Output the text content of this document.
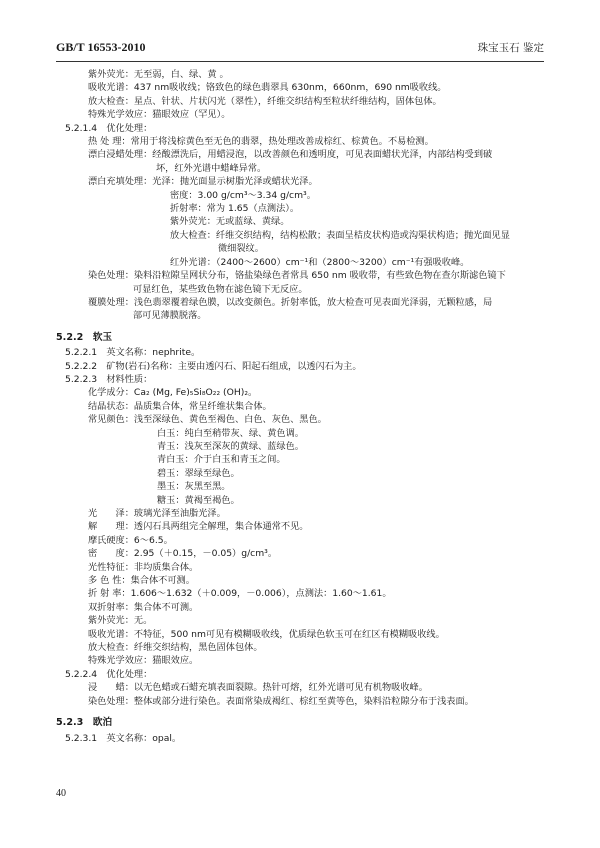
GB/T 16553-2010	珠宝玉石 鉴定
紫外荧光：无至弱，白、绿、黄 。
吸收光谱：437 nm吸收线；铬致色的绿色翡翠具 630nm，660nm，690 nm吸收线。
放大检查：星点、针状、片状闪光（翠性），纤维交织结构至粒状纤维结构，固体包体。
特殊光学效应：猫眼效应（罕见）。
5.2.1.4　优化处理：
热 处 理：常用于将浅棕黄色至无色的翡翠，热处理改善成棕红、棕黄色。不易检测。
漂白浸蜡处理：经酸漂洗后，用蜡浸泡，以改善颜色和透明度，可见表面蜡状光泽，内部结构受到破
坏，红外光谱中蜡峰异常。
漂白充填处理：光泽：抛光面显示树脂光泽或蜡状光泽。
密度：3.00 g/cm³～3.34 g/cm³。
折射率：常为 1.65（点测法）。
紫外荧光：无或蓝绿、黄绿。
放大检查：纤维交织结构，结构松散；表面呈桔皮状构造或沟渠状构造；抛光面见显
微细裂纹。
红外光谱：（2400～2600）cm⁻¹和（2800～3200）cm⁻¹有强吸收峰。
染色处理：染料沿粒隙呈网状分布，铬盐染绿色者常具 650 nm 吸收带，有些致色物在查尔斯滤色镜下
可显红色，某些致色物在滤色镜下无反应。
覆膜处理：浅色翡翠覆着绿色膜，以改变颜色。折射率低，放大检查可见表面光泽弱，无颗粒感，局
部可见薄膜脱落。
5.2.2　软玉
5.2.2.1　英文名称：nephrite。
5.2.2.2　矿物(岩石)名称：主要由透闪石、阳起石组成，以透闪石为主。
5.2.2.3　材料性质：
化学成分：Ca₂ (Mg, Fe)₅Si₈O₂₂ (OH)₂。
结晶状态：晶质集合体，常呈纤维状集合体。
常见颜色：浅至深绿色、黄色至褐色、白色、灰色、黑色。
白玉：纯白至稍带灰、绿、黄色调。
青玉：浅灰至深灰的黄绿、蓝绿色。
青白玉：介于白玉和青玉之间。
碧玉：翠绿至绿色。
墨玉：灰黑至黑。
糖玉：黄褐至褐色。
光　　泽：玻璃光泽至油脂光泽。
解　　理：透闪石具两组完全解理，集合体通常不见。
摩氏硬度：6～6.5。
密　　度：2.95（＋0.15，－0.05）g/cm³。
光性特征：非均质集合体。
多 色 性：集合体不可测。
折 射 率：1.606～1.632（＋0.009，－0.006），点测法：1.60～1.61。
双折射率：集合体不可测。
紫外荧光：无。
吸收光谱：不特征，500 nm可见有模糊吸收线，优质绿色软玉可在红区有模糊吸收线。
放大检查：纤维交织结构，黑色固体包体。
特殊光学效应：猫眼效应。
5.2.2.4　优化处理：
浸　　蜡：以无色蜡或石蜡充填表面裂隙。热针可熔，红外光谱可见有机物吸收峰。
染色处理：整体或部分进行染色。表面常染成褐红、棕红至黄等色，染料沿粒隙分布于浅表面。
5.2.3　欧泊
5.2.3.1　英文名称：opal。
40
